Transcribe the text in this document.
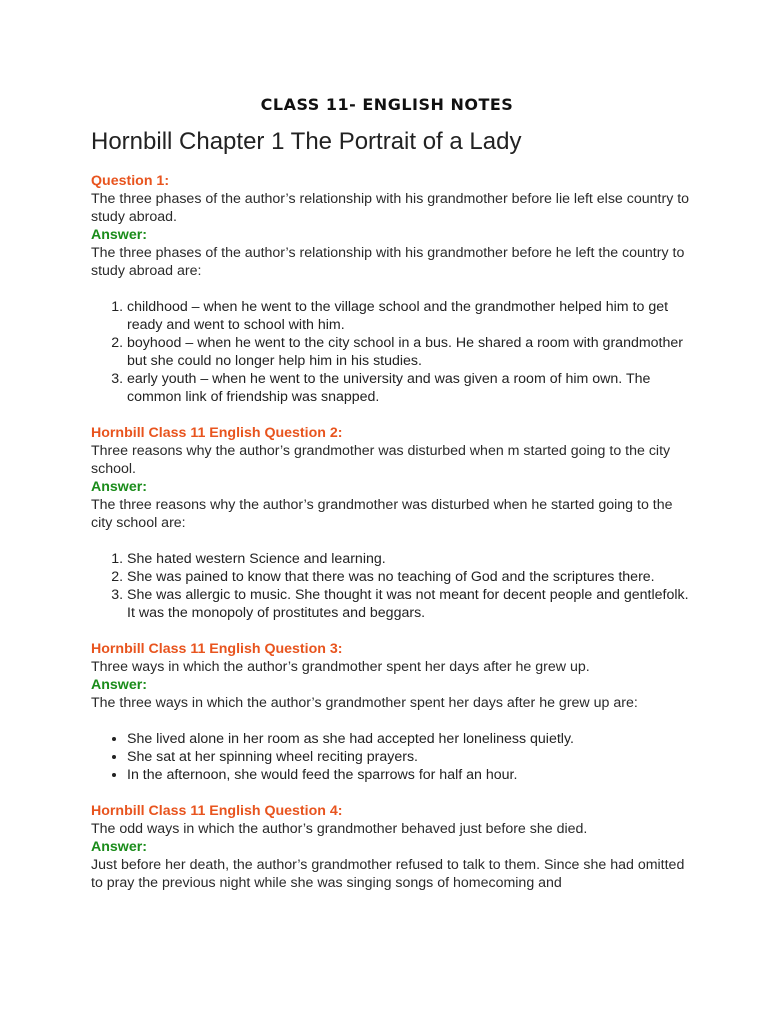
CLASS 11- ENGLISH NOTES
Hornbill Chapter 1 The Portrait of a Lady
Question 1:
The three phases of the author’s relationship with his grandmother before lie left else country to study abroad.
Answer:
The three phases of the author’s relationship with his grandmother before he left the country to study abroad are:
1. childhood – when he went to the village school and the grandmother helped him to get ready and went to school with him.
2. boyhood – when he went to the city school in a bus. He shared a room with grandmother but she could no longer help him in his studies.
3. early youth – when he went to the university and was given a room of him own. The common link of friendship was snapped.
Hornbill Class 11 English Question 2:
Three reasons why the author’s grandmother was disturbed when m started going to the city school.
Answer:
The three reasons why the author’s grandmother was disturbed when he started going to the city school are:
1. She hated western Science and learning.
2. She was pained to know that there was no teaching of God and the scriptures there.
3. She was allergic to music. She thought it was not meant for decent people and gentlefolk. It was the monopoly of prostitutes and beggars.
Hornbill Class 11 English Question 3:
Three ways in which the author’s grandmother spent her days after he grew up.
Answer:
The three ways in which the author’s grandmother spent her days after he grew up are:
• She lived alone in her room as she had accepted her loneliness quietly.
• She sat at her spinning wheel reciting prayers.
• In the afternoon, she would feed the sparrows for half an hour.
Hornbill Class 11 English Question 4:
The odd ways in which the author’s grandmother behaved just before she died.
Answer:
Just before her death, the author’s grandmother refused to talk to them. Since she had omitted to pray the previous night while she was singing songs of homecoming and
